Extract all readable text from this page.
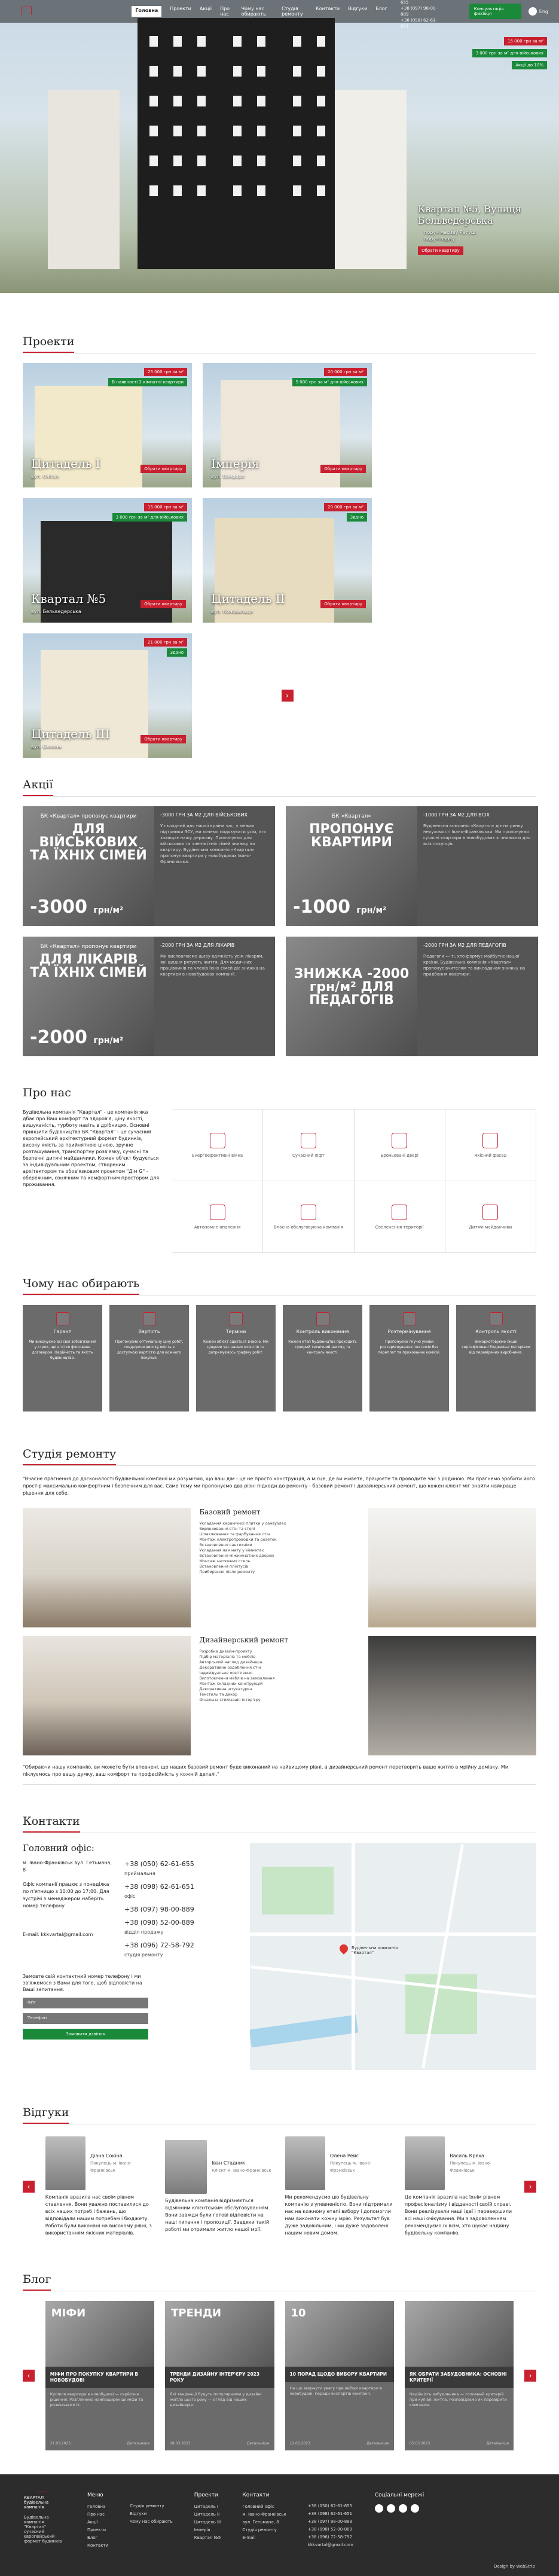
Головна	Проекти Акції Про нас
Чому нас обирають
Студія ремонту
Контакти Відгуки Блог
655
+38 (097) 98-00-889
+38 (098) 62-61-651
Консультація фахівця	Eng
15 000 грн за м²
3 000 грн за м² для військових
Акції до 10%
Квартал №5, Вулиця Бельведерська
поруч масиву Ратуші
поруч парку
Обрати квартиру
Проекти
25 000 грн за м²
В наявності 2 кімнатні квартири
Цитадель I
вул. Єнісея
Обрати квартиру
20 000 грн за м²
5 000 грн за м² для військових
Імперія
вул. Бандери
Обрати квартиру
15 000 грн за м²
3 000 грн за м² для військових
Квартал №5
вул. Бельведерська
Обрати квартиру
20 000 грн за м²
Здано
Цитадель II
вул. Коновальця
Обрати квартиру
21 000 грн за м²
Здано
Цитадель III
вул. Оккона
Обрати квартиру
›
Акції
БК «Квартал» пропонує квартири
ДЛЯ ВІЙСЬКОВИХ ТА ЇХНІХ СІМЕЙ
-3000 грн/м²
-3000 ГРН ЗА М2 ДЛЯ ВІЙСЬКОВИХ

У складний для нашої країни час, у межах підтримки ЗСУ, ми хочемо подякувати усім, хто захищає нашу державу. Пропонуємо для військових та членів їхніх сімей знижку на квартиру. Будівельна компанія «Квартал» пропонує квартири у новобудовах Івано-Франківська.

БК «Квартал»
ПРОПОНУЄ КВАРТИРИ
-1000 грн/м²
-1000 ГРН ЗА М2 ДЛЯ ВСІХ

Будівельна компанія «Квартал» діє на ринку нерухомості Івано-Франківська. Ми пропонуємо сучасні квартири в новобудовах зі знижкою для всіх покупців.

БК «Квартал» пропонує квартири
ДЛЯ ЛІКАРІВ ТА ЇХНІХ СІМЕЙ
-2000 грн/м²
-2000 ГРН ЗА М2 ДЛЯ ЛІКАРІВ

Ми висловлюємо щиру вдячність усім лікарям, які щодня рятують життя. Для медичних працівників та членів їхніх сімей діє знижка на квартири в новобудовах компанії.	ЗНИЖКА -2000 грн/м² ДЛЯ ПЕДАГОГІВ
-2000 ГРН ЗА М2 ДЛЯ ПЕДАГОГІВ

Педагоги — ті, хто формує майбутнє нашої країни. Будівельна компанія «Квартал» пропонує вчителям та викладачам знижку на придбання квартири.

Про нас
Будівельна компанія "Квартал" - це компанія яка дбає про Ваш комфорт та здоров'я, ціну якості, вишуканість, турботу навіть в дрібницях. Основні принципи будівництва БК "Квартал" - це сучасний європейський архітектурний формат будинків, високу якість за прийнятною ціною, зручне розташування, транспортну розв'язку, сучасні та безпечні дитячі майданчики. Кожен об'єкт будується за індивідуальним проектом, створеним архітектором та обов'язковим проектом "Дім G" - обережним, сонячним та комфортним простором для проживання.
Енергоефективні вікна	Сучасний ліфт	Броньовані двері	Якісний фасад
Автономне опалення	Власна обслуговуюча компанія	Озеленення території	Дитячі майданчики
Чому нас обирають
Гарант

Ми виконуємо всі свої зобов'язання у строк, що є чітко фіксоване договором. Надійність та якість будівництва.

Вартість

Пропонуємо оптимальну ціну робіт, поєднуючи високу якість з доступною вартістю для кожного покупця.

Терміни

Кожен об'єкт здається вчасно. Ми цінуємо час наших клієнтів та дотримуємось графіку робіт.

Контроль виконання

Кожен етап будівництва проходить суворий технічний нагляд та контроль якості.

Розтермінування

Пропонуємо гнучкі умови розтермінування платежів без переплат та прихованих комісій.

Контроль якості

Використовуємо лише сертифіковані будівельні матеріали від перевірених виробників.

Студія ремонту

"Вчасне прагнення до досконалості будівельної компанії ми розуміємо, що ваш дім - це не просто конструкція, а місце, де ви живете, працюєте та проводите час з родиною. Ми прагнемо зробити його простір максимально комфортним і безпечним для вас. Саме тому ми пропонуємо два різні підходи до ремонту - базовий ремонт і дизайнерський ремонт, що кожен клієнт міг знайти найкраще рішення для себе.

Базовий ремонт
Укладання керамічної плитки у санвузлах
Вирівнювання стін та стелі
Шпаклювання та фарбування стін
Монтаж електропроводки та розеток
Встановлення сантехніки
Укладання ламінату у кімнатах
Встановлення міжкімнатних дверей
Монтаж натяжних стель
Встановлення плінтусів
Прибирання після ремонту
Дизайнерський ремонт
Розробка дизайн-проекту
Підбір матеріалів та меблів
Авторський нагляд дизайнера
Декоративне оздоблення стін
Індивідуальне освітлення
Виготовлення меблів на замовлення
Монтаж складних конструкцій
Декоративна штукатурка
Текстиль та декор
Фінальна стилізація інтер'єру

"Обираючи нашу компанію, ви можете бути впевнені, що наших базовий ремонт буде виконаний на найвищому рівні, а дизайнерський ремонт перетворить ваше житло в мрійну домівку. Ми піклуємось про вашу думку, ваш комфорт та професійність у кожній деталі."

Контакти
Головний офіс:

м. Івано-Франківськ вул. Гетьмана, 8

Офіс компанії працює з понеділка по п'ятницю з 10:00 до 17:00. Для зустрічі з менеджером наберіть номер телефону

E-mail: kkkvartal@gmail.com

+38 (050) 62-61-655
приймальня
+38 (098) 62-61-651
офіс
+38 (097) 98-00-889
+38 (098) 52-00-889
відділ продажу
+38 (096) 72-58-792
студія ремонту

Замовте свій контактний номер телефону і ми зв'яжемося з Вами для того, щоб відповісти на Ваші запитання.

Ім'я
Телефон
Замовити дзвінок
Будівельна компанія "Квартал"
Відгуки
‹
Діана Сокіна
Покупець м. Івано-Франківськ

Компанія вразила нас своїм рівнем ставлення. Вони уважно поставилися до всіх наших потреб і бажань, що відповідали нашим потребам і бюджету. Роботи були виконані на високому рівні, з використанням якісних матеріалів.

Іван Стадник
Клієнт м. Івано-Франківськ

Будівельна компанія відрізняється відмінним клієнтським обслуговуванням. Вони завжди були готові відповісти на наші питання і пропозиції. Завдяки такій роботі ми отримали житло нашої мрії.

Олена Рейс
Покупець м. Івано-Франківськ

Ми рекомендуємо цю будівельну компанію з упевненістю. Вони підтримали нас на кожному етапі вибору і допомогли нам виконати кожну мрію. Результат був дуже задовільним, і ми дуже задоволені нашим новим домом.

Василь Креха
Покупець м. Івано-Франківськ

Це компанія вразила нас їхнім рівнем професіоналізму і відданості своїй справі. Вони реалізували наші ідеї і перевершили всі наші очікування. Ми з задоволенням рекомендуємо їх всім, хто шукає надійну будівельну компанію.

›
Блог
‹
МІФИ
МІФИ ПРО ПОКУПКУ КВАРТИРИ В НОВОБУДОВІ

Купівля квартири в новобудові — серйозне рішення. Розглянемо найпоширеніші міфи та розвінчаємо їх.

21.03.2023	Детальніше
ТРЕНДИ
ТРЕНДИ ДИЗАЙНУ ІНТЕР'ЄРУ 2023 РОКУ

Які тенденції будуть популярними у дизайні житла цього року — огляд від наших дизайнерів.

18.03.2023	Детальніше
10
10 ПОРАД ЩОДО ВИБОРУ КВАРТИРИ

На що звернути увагу при виборі квартири в новобудові: поради експертів компанії.

12.03.2023	Детальніше
ЯК ОБРАТИ ЗАБУДОВНИКА: ОСНОВНІ КРИТЕРІЇ

Надійність забудовника — головний критерій при купівлі житла. Розповідаємо як перевірити компанію.

05.03.2023	Детальніше
›
КВАРТАЛ будівельна компанія
Будівельна компанія "Квартал" сучасний європейський формат будинків
Меню
Головна
Про нас
Акції
Проекти
Блог
Контакти
Студія ремонту
Відгуки
Чому нас обирають
Проекти
Цитадель І
Цитадель ІІ
Цитадель ІІІ
Імперія
Квартал №5
Контакти
Головний офіс
м. Івано-Франківськ
вул. Гетьмана, 8
Студія ремонту
E-mail
+38 (050) 62-61-655
+38 (098) 62-61-651
+38 (097) 98-00-889
+38 (098) 52-00-889
+38 (096) 72-58-792
kkkvartal@gmail.com
Соціальні мережі
Design by WebStrip
